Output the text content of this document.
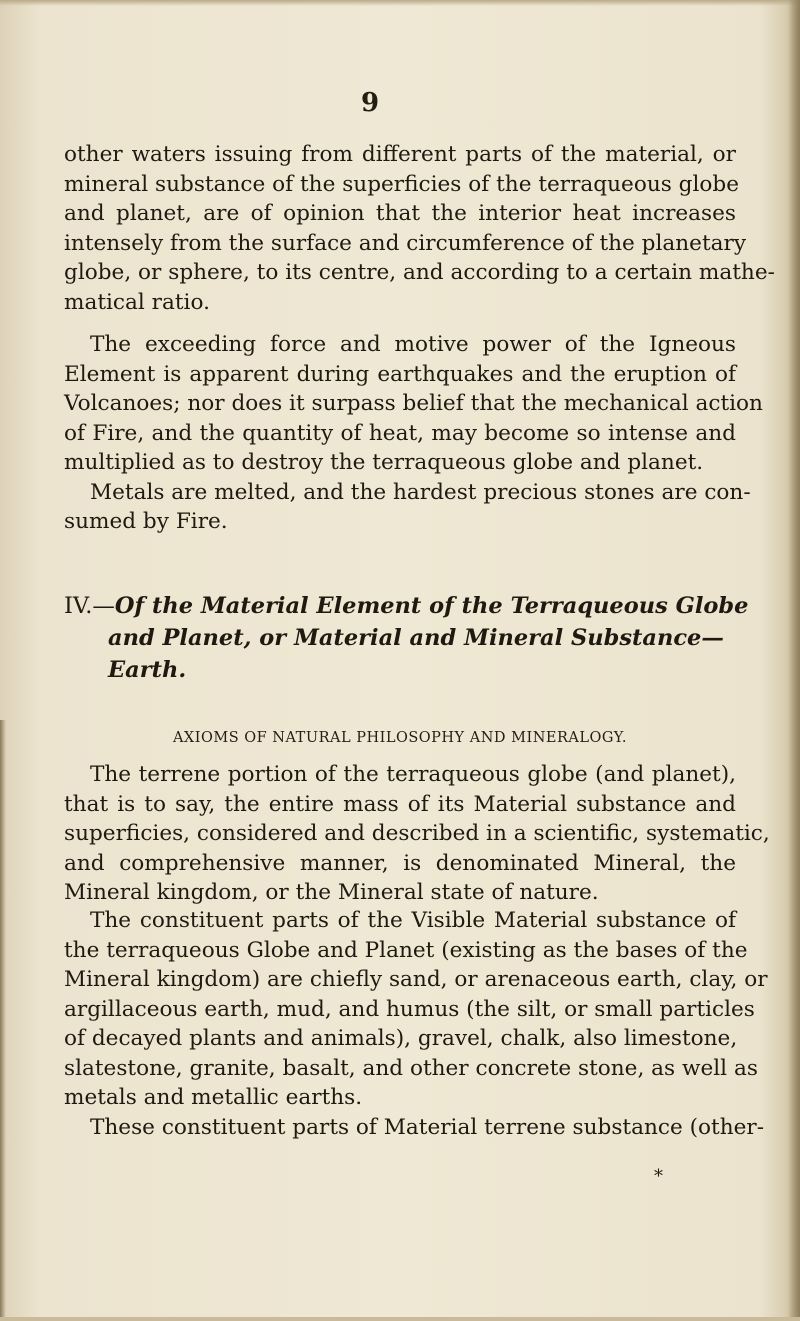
9
other waters issuing from different parts of the material, or
mineral substance of the superficies of the terraqueous globe
and planet, are of opinion that the interior heat increases
intensely from the surface and circumference of the planetary
globe, or sphere, to its centre, and according to a certain mathe-
matical ratio.
The exceeding force and motive power of the Igneous
Element is apparent during earthquakes and the eruption of
Volcanoes; nor does it surpass belief that the mechanical action
of Fire, and the quantity of heat, may become so intense and
multiplied as to destroy the terraqueous globe and planet.
Metals are melted, and the hardest precious stones are con-
sumed by Fire.
IV.—Of the Material Element of the Terraqueous Globe
and Planet, or Material and Mineral Substance—
Earth.
AXIOMS OF NATURAL PHILOSOPHY AND MINERALOGY.
The terrene portion of the terraqueous globe (and planet),
that is to say, the entire mass of its Material substance and
superficies, considered and described in a scientific, systematic,
and comprehensive manner, is denominated Mineral, the
Mineral kingdom, or the Mineral state of nature.
The constituent parts of the Visible Material substance of
the terraqueous Globe and Planet (existing as the bases of the
Mineral kingdom) are chiefly sand, or arenaceous earth, clay, or
argillaceous earth, mud, and humus (the silt, or small particles
of decayed plants and animals), gravel, chalk, also limestone,
slatestone, granite, basalt, and other concrete stone, as well as
metals and metallic earths.
These constituent parts of Material terrene substance (other-
*
